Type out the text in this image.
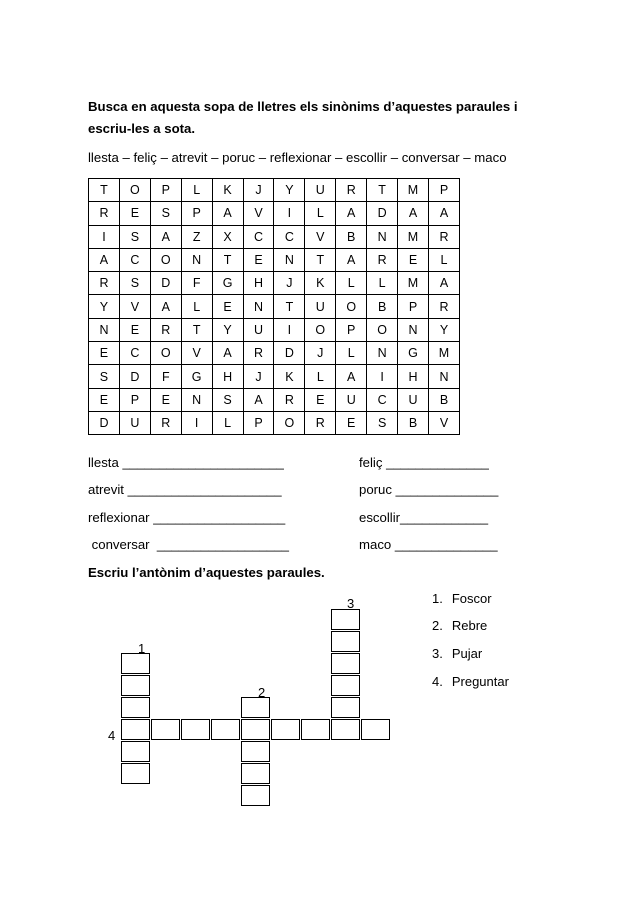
Busca en aquesta sopa de lletres els sinònims d’aquestes paraules i
escriu-les a sota.
llesta – feliç – atrevit – poruc – reflexionar – escollir – conversar – maco
T	O	P	L	K	J	Y	U	R	T	M	P
R	E	S	P	A	V	I	L	A	D	A	A
I	S	A	Z	X	C	C	V	B	N	M	R
A	C	O	N	T	E	N	T	A	R	E	L
R	S	D	F	G	H	J	K	L	L	M	A
Y	V	A	L	E	N	T	U	O	B	P	R
N	E	R	T	Y	U	I	O	P	O	N	Y
E	C	O	V	A	R	D	J	L	N	G	M
S	D	F	G	H	J	K	L	A	I	H	N
E	P	E	N	S	A	R	E	U	C	U	B
D	U	R	I	L	P	O	R	E	S	B	V
llesta ______________________	feliç ______________
atrevit _____________________	poruc ______________
reflexionar __________________	escollir____________
conversar  __________________	maco ______________
Escriu l’antònim d’aquestes paraules.
1
2
3
4
1. Foscor
2. Rebre
3. Pujar
4. Preguntar
